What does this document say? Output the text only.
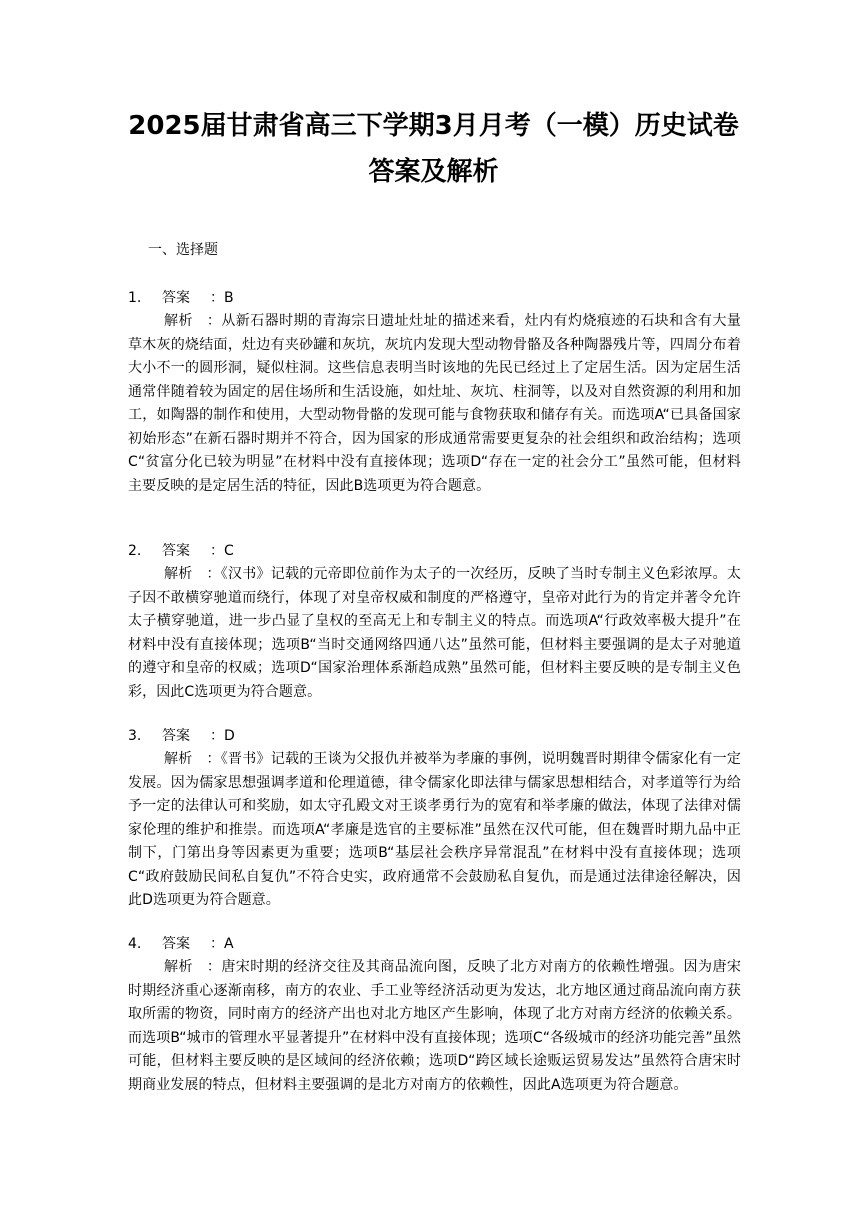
2025届甘肃省高三下学期3月月考（一模）历史试卷
答案及解析
一、选择题
1. 答案 ：B
解析 ：从新石器时期的青海宗日遗址灶址的描述来看，灶内有灼烧痕迹的石块和含有大量草木灰的烧结面，灶边有夹砂罐和灰坑，灰坑内发现大型动物骨骼及各种陶器残片等，四周分布着大小不一的圆形洞，疑似柱洞。这些信息表明当时该地的先民已经过上了定居生活。因为定居生活通常伴随着较为固定的居住场所和生活设施，如灶址、灰坑、柱洞等，以及对自然资源的利用和加工，如陶器的制作和使用，大型动物骨骼的发现可能与食物获取和储存有关。而选项A“已具备国家初始形态”在新石器时期并不符合，因为国家的形成通常需要更复杂的社会组织和政治结构；选项C“贫富分化已较为明显”在材料中没有直接体现；选项D“存在一定的社会分工”虽然可能，但材料主要反映的是定居生活的特征，因此B选项更为符合题意。
2. 答案 ：C
解析 ：《汉书》记载的元帝即位前作为太子的一次经历，反映了当时专制主义色彩浓厚。太子因不敢横穿驰道而绕行，体现了对皇帝权威和制度的严格遵守，皇帝对此行为的肯定并著令允许太子横穿驰道，进一步凸显了皇权的至高无上和专制主义的特点。而选项A“行政效率极大提升”在材料中没有直接体现；选项B“当时交通网络四通八达”虽然可能，但材料主要强调的是太子对驰道的遵守和皇帝的权威；选项D“国家治理体系渐趋成熟”虽然可能，但材料主要反映的是专制主义色彩，因此C选项更为符合题意。
3. 答案 ：D
解析 ：《晋书》记载的王谈为父报仇并被举为孝廉的事例，说明魏晋时期律令儒家化有一定发展。因为儒家思想强调孝道和伦理道德，律令儒家化即法律与儒家思想相结合，对孝道等行为给予一定的法律认可和奖励，如太守孔殿文对王谈孝勇行为的宽宥和举孝廉的做法，体现了法律对儒家伦理的维护和推崇。而选项A“孝廉是选官的主要标准”虽然在汉代可能，但在魏晋时期九品中正制下，门第出身等因素更为重要；选项B“基层社会秩序异常混乱”在材料中没有直接体现；选项C“政府鼓励民间私自复仇”不符合史实，政府通常不会鼓励私自复仇，而是通过法律途径解决，因此D选项更为符合题意。
4. 答案 ：A
解析 ：唐宋时期的经济交往及其商品流向图，反映了北方对南方的依赖性增强。因为唐宋时期经济重心逐渐南移，南方的农业、手工业等经济活动更为发达，北方地区通过商品流向南方获取所需的物资，同时南方的经济产出也对北方地区产生影响，体现了北方对南方经济的依赖关系。而选项B“城市的管理水平显著提升”在材料中没有直接体现；选项C“各级城市的经济功能完善”虽然可能，但材料主要反映的是区域间的经济依赖；选项D“跨区域长途贩运贸易发达”虽然符合唐宋时期商业发展的特点，但材料主要强调的是北方对南方的依赖性，因此A选项更为符合题意。
